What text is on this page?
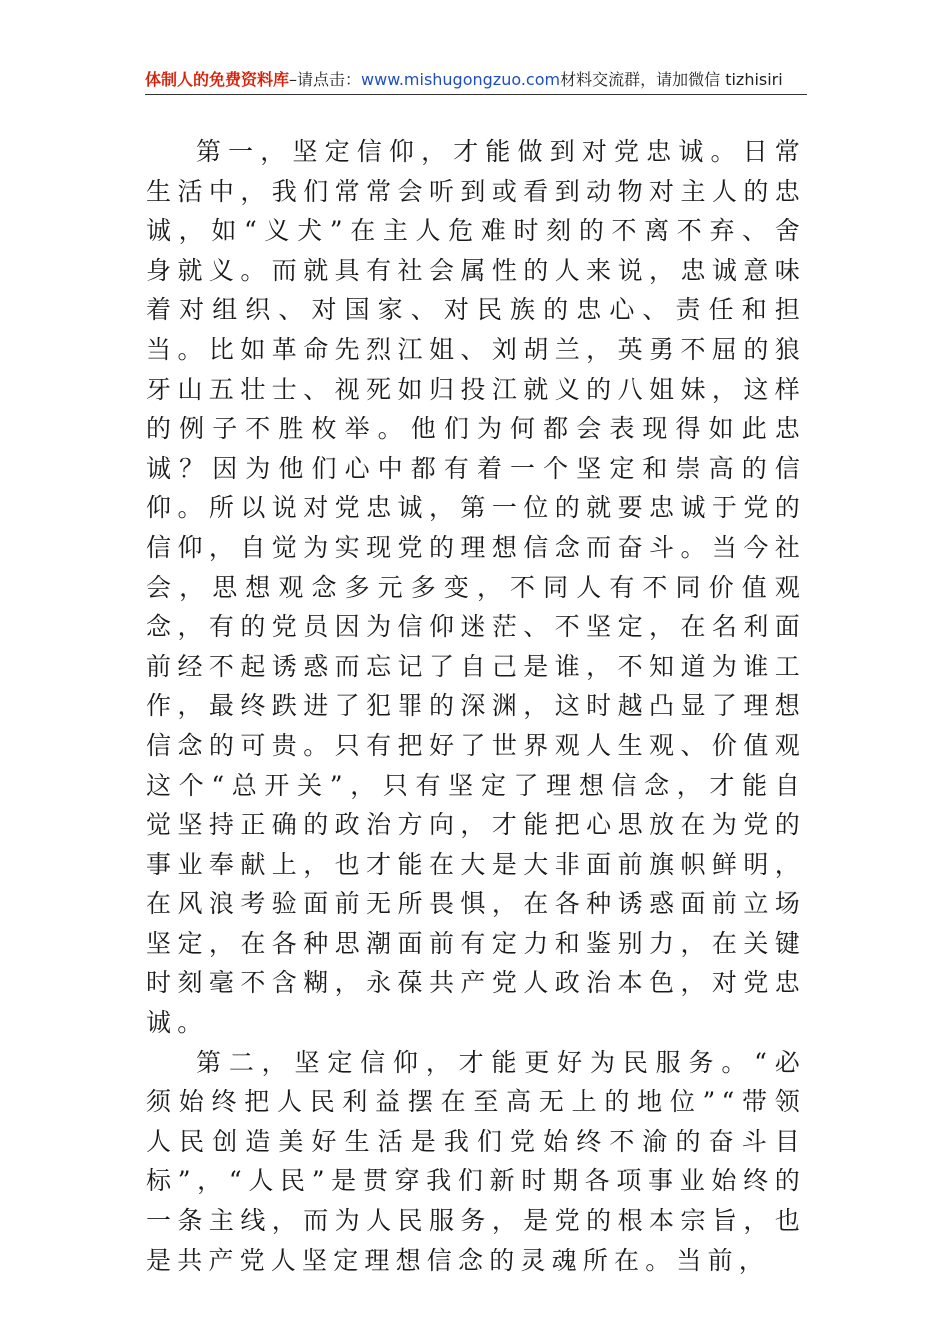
体制人的免费资料库–请点击：www.mishugongzuo.com材料交流群，请加微信 tizhisiri

第一，坚定信仰，才能做到对党忠诚。日常生活中，我们常常会听到或看到动物对主人的忠诚，如“义犬”在主人危难时刻的不离不弃、舍身就义。而就具有社会属性的人来说，忠诚意味着对组织、对国家、对民族的忠心、责任和担当。比如革命先烈江姐、刘胡兰，英勇不屈的狼牙山五壮士、视死如归投江就义的八姐妹，这样的例子不胜枚举。他们为何都会表现得如此忠诚？因为他们心中都有着一个坚定和崇高的信仰。所以说对党忠诚，第一位的就要忠诚于党的信仰，自觉为实现党的理想信念而奋斗。当今社会，思想观念多元多变，不同人有不同价值观念，有的党员因为信仰迷茫、不坚定，在名利面前经不起诱惑而忘记了自己是谁，不知道为谁工作，最终跌进了犯罪的深渊，这时越凸显了理想信念的可贵。只有把好了世界观人生观、价值观这个“总开关”，只有坚定了理想信念，才能自觉坚持正确的政治方向，才能把心思放在为党的事业奉献上，也才能在大是大非面前旗帜鲜明，在风浪考验面前无所畏惧，在各种诱惑面前立场坚定，在各种思潮面前有定力和鉴别力，在关键时刻毫不含糊，永葆共产党人政治本色，对党忠诚。

第二，坚定信仰，才能更好为民服务。“必须始终把人民利益摆在至高无上的地位”“带领人民创造美好生活是我们党始终不渝的奋斗目标”，“人民”是贯穿我们新时期各项事业始终的一条主线，而为人民服务，是党的根本宗旨，也是共产党人坚定理想信念的灵魂所在。当前，
